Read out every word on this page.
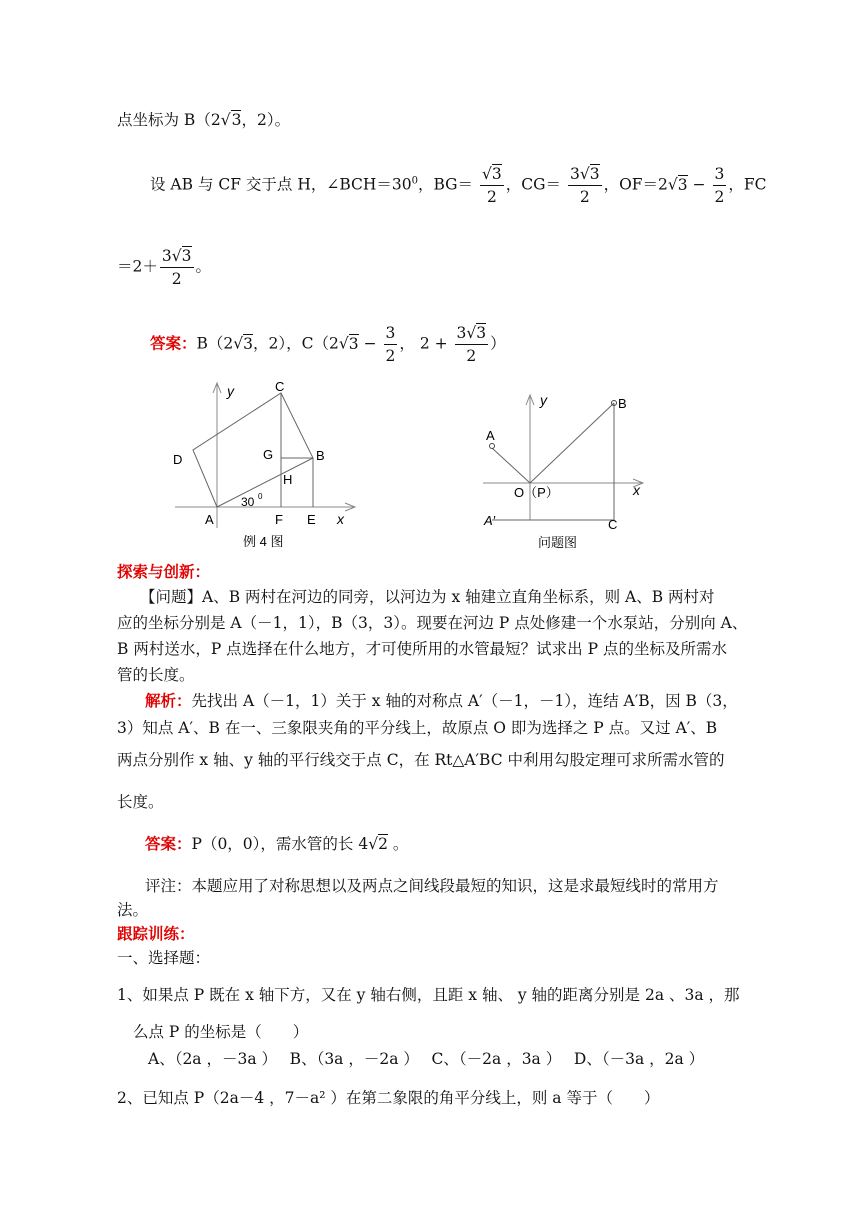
点坐标为 B（2√3，2）。
设 AB 与 CF 交于点 H，$\angle BCH=30^0$，$BG= \frac{√3}{2}$ ，$CG= \frac{3√3}{2}$ ，$OF=2√3 - \frac{3}{2}$ ，FC
$=2+ \frac{3√3}{2}$ 。
答案：B（2√3，2），$C(2√3 - \frac{3}{2}$ ， $2 + \frac{3√3}{2}$ ）
y	C
D	G	B
H
30 0
A	F E x
例 4 图
y	B
A
O（P）	x
A′	C
问题图
探索与创新：
【问题】A、B 两村在河边的同旁，以河边为 x 轴建立直角坐标系，则 A、B 两村对
应的坐标分别是 A（－1，1），B（3，3）。现要在河边 P 点处修建一个水泵站，分别向 A、
B 两村送水，P 点选择在什么地方，才可使所用的水管最短？试求出 P 点的坐标及所需水
管的长度。
解析：先找出 A（－1，1）关于 x 轴的对称点 A′（－1，－1），连结 A′B，因 B（3，
3）知点 A′、B 在一、三象限夹角的平分线上，故原点 O 即为选择之 P 点。又过 A′、B
两点分别作 x 轴、y 轴的平行线交于点 C，在 Rt△A′BC 中利用勾股定理可求所需水管的
长度。
答案：P（0，0），需水管的长 4√2 。
评注：本题应用了对称思想以及两点之间线段最短的知识，这是求最短线时的常用方
法。
跟踪训练：
一、选择题：
1、如果点 P 既在 x 轴下方，又在 y 轴右侧，且距 x 轴、 y 轴的距离分别是 2a 、3a ，那
么点 P 的坐标是（　　）
A、（2a ，－3a ）　 B、（3a ，－2a ）　 C、（－2a ，3a ）　 D、（－3a ，2a ）
2、已知点 P（2a－4 ，7－a² ）在第二象限的角平分线上，则 a 等于（　　）
